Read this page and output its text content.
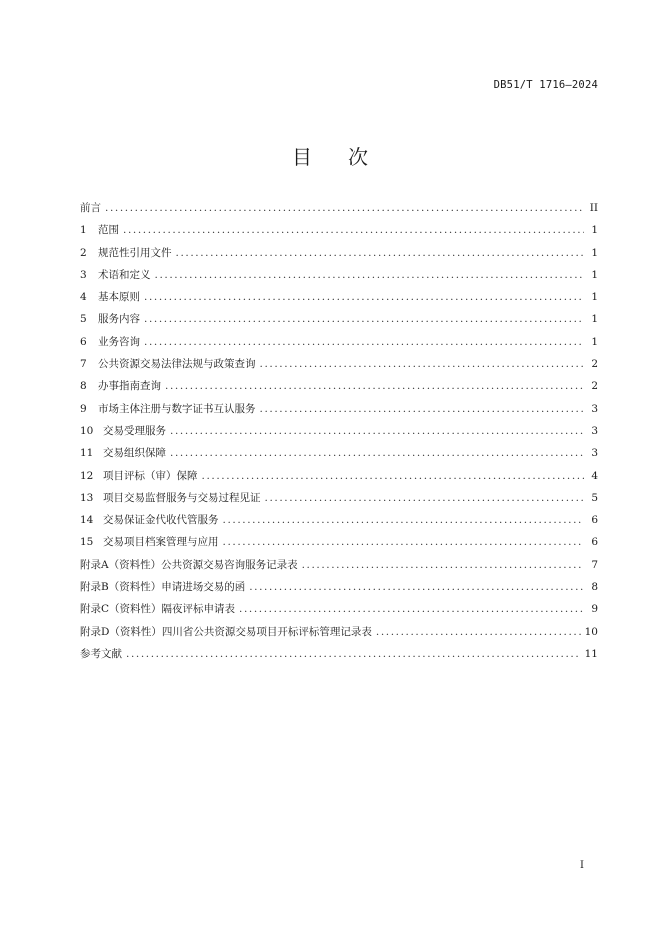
DB51/T 1716—2024
目 次
前言 .....	II
1	范围 .....	1
2	规范性引用文件 .....	1
3	术语和定义 .....	1
4	基本原则 .....	1
5	服务内容 .....	1
6	业务咨询 .....	1
7	公共资源交易法律法规与政策查询 .....	2
8	办事指南查询 .....	2
9	市场主体注册与数字证书互认服务 .....	3
10 交易受理服务 .....	3
11 交易组织保障 .....	3
12 项目评标（审）保障 .....	4
13 项目交易监督服务与交易过程见证 .....	5
14 交易保证金代收代管服务 .....	6
15 交易项目档案管理与应用 .....	6
附录A（资料性）公共资源交易咨询服务记录表 .....	7
附录B（资料性）申请进场交易的函 .....	8
附录C（资料性）隔夜评标申请表 .....	9
附录D（资料性）四川省公共资源交易项目开标评标管理记录表 .....	10
参考文献 .....	11
I
